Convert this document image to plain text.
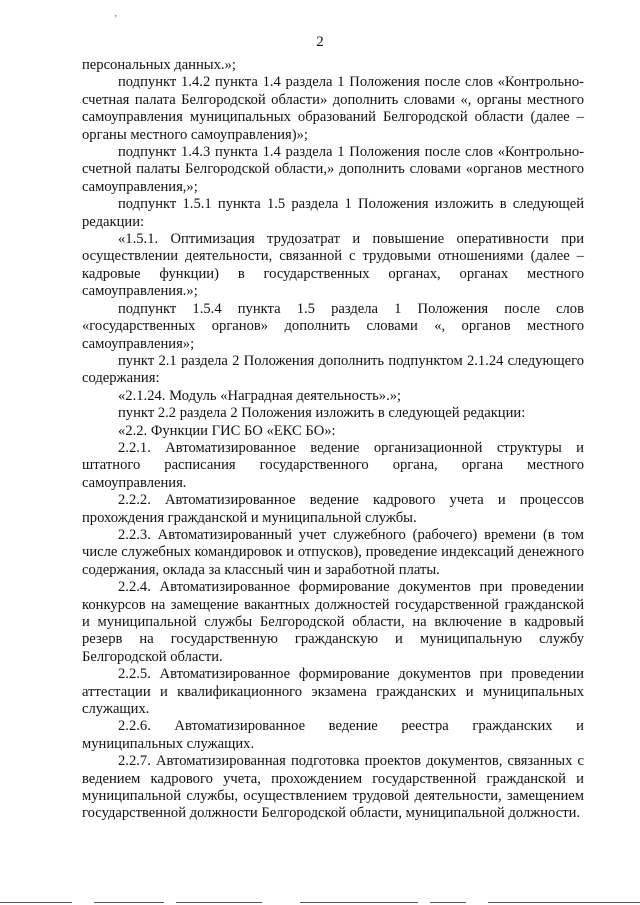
ʼ
2

персональных данных.»;

подпункт 1.4.2 пункта 1.4 раздела 1 Положения после слов «Контрольно-счетная палата Белгородской области» дополнить словами «, органы местного самоуправления муниципальных образований Белгородской области (далее – органы местного самоуправления)»;

подпункт 1.4.3 пункта 1.4 раздела 1 Положения после слов «Контрольно-счетной палаты Белгородской области,» дополнить словами «органов местного самоуправления,»;

подпункт 1.5.1 пункта 1.5 раздела 1 Положения изложить в следующей редакции:

«1.5.1. Оптимизация трудозатрат и повышение оперативности при осуществлении деятельности, связанной с трудовыми отношениями (далее – кадровые функции) в государственных органах, органах местного самоуправления.»;

подпункт 1.5.4 пункта 1.5 раздела 1 Положения после слов «государственных органов» дополнить словами «, органов местного самоуправления»;

пункт 2.1 раздела 2 Положения дополнить подпунктом 2.1.24 следующего содержания:

«2.1.24. Модуль «Наградная деятельность».»;

пункт 2.2 раздела 2 Положения изложить в следующей редакции:

«2.2. Функции ГИС БО «ЕКС БО»:

2.2.1. Автоматизированное ведение организационной структуры и штатного расписания государственного органа, органа местного самоуправления.

2.2.2. Автоматизированное ведение кадрового учета и процессов прохождения гражданской и муниципальной службы.

2.2.3. Автоматизированный учет служебного (рабочего) времени (в том числе служебных командировок и отпусков), проведение индексаций денежного содержания, оклада за классный чин и заработной платы.

2.2.4. Автоматизированное формирование документов при проведении конкурсов на замещение вакантных должностей государственной гражданской и муниципальной службы Белгородской области, на включение в кадровый резерв на государственную гражданскую и муниципальную службу Белгородской области.

2.2.5. Автоматизированное формирование документов при проведении аттестации и квалификационного экзамена гражданских и муниципальных служащих.

2.2.6. Автоматизированное ведение реестра гражданских и муниципальных служащих.

2.2.7. Автоматизированная подготовка проектов документов, связанных с ведением кадрового учета, прохождением государственной гражданской и муниципальной службы, осуществлением трудовой деятельности, замещением государственной должности Белгородской области, муниципальной должности.
